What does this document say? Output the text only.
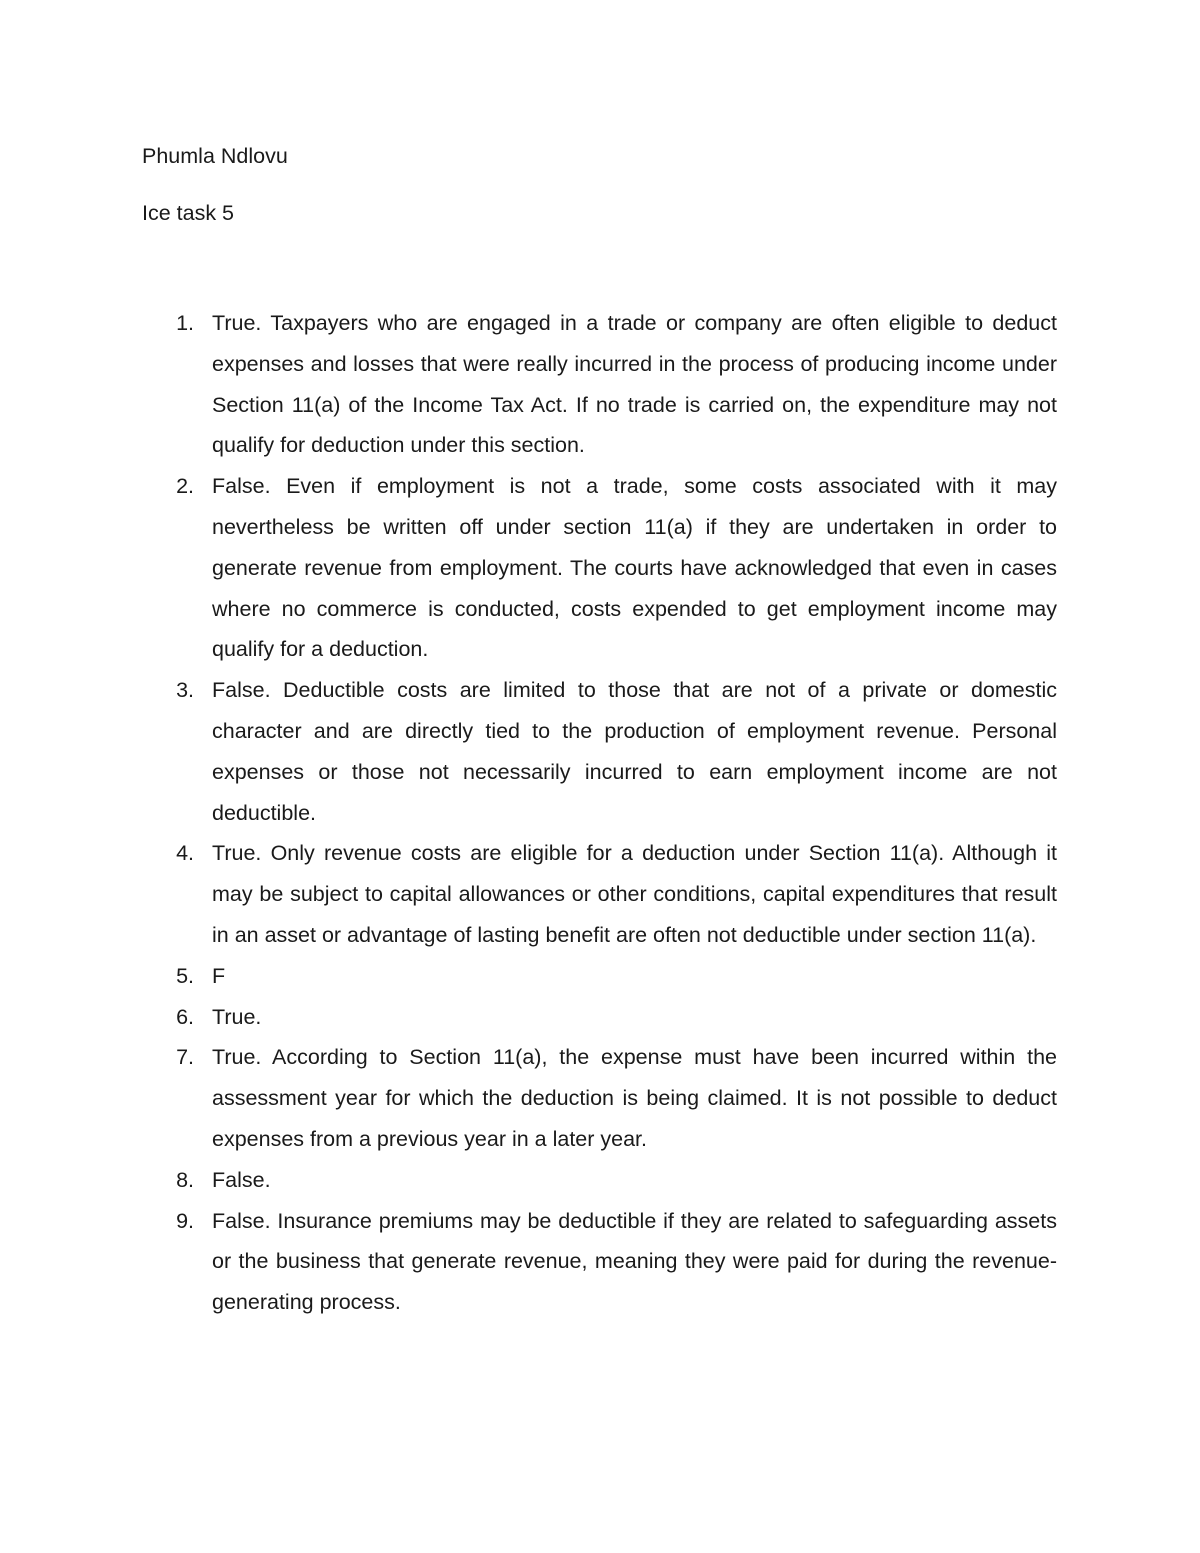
Phumla Ndlovu
Ice task 5
1. True. Taxpayers who are engaged in a trade or company are often eligible to deduct expenses and losses that were really incurred in the process of producing income under Section 11(a) of the Income Tax Act. If no trade is carried on, the expenditure may not qualify for deduction under this section.
2. False. Even if employment is not a trade, some costs associated with it may nevertheless be written off under section 11(a) if they are undertaken in order to generate revenue from employment. The courts have acknowledged that even in cases where no commerce is conducted, costs expended to get employment income may qualify for a deduction.
3. False. Deductible costs are limited to those that are not of a private or domestic character and are directly tied to the production of employment revenue. Personal expenses or those not necessarily incurred to earn employment income are not deductible.
4. True. Only revenue costs are eligible for a deduction under Section 11(a). Although it may be subject to capital allowances or other conditions, capital expenditures that result in an asset or advantage of lasting benefit are often not deductible under section 11(a).
5. F
6. True.
7. True. According to Section 11(a), the expense must have been incurred within the assessment year for which the deduction is being claimed. It is not possible to deduct expenses from a previous year in a later year.
8. False.
9. False. Insurance premiums may be deductible if they are related to safeguarding assets or the business that generate revenue, meaning they were paid for during the revenue-generating process.
